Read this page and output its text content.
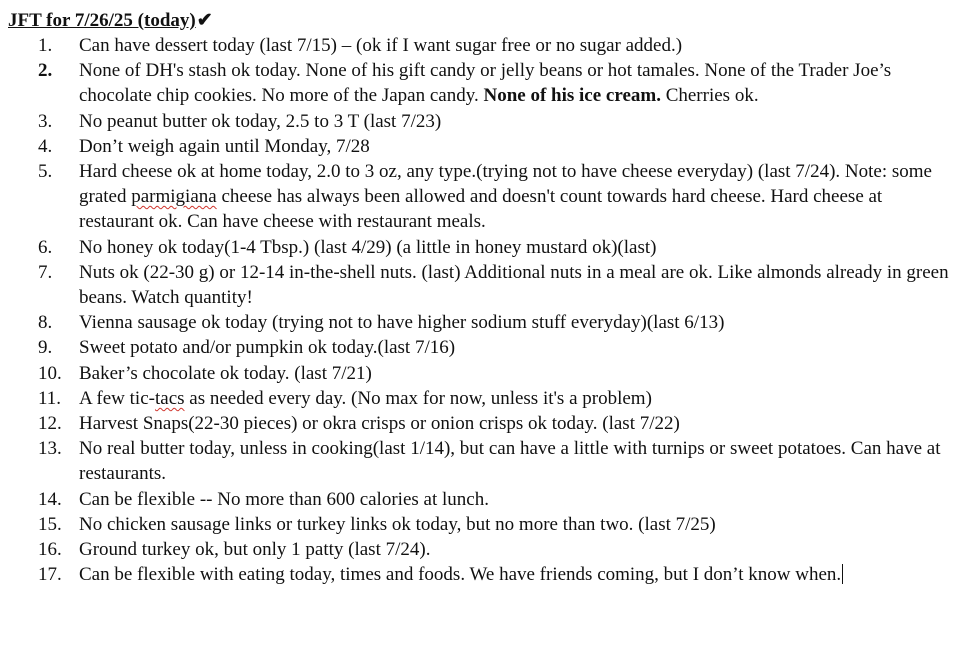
JFT for 7/26/25 (today)✔
1.	Can have dessert today (last 7/15) – (ok if I want sugar free or no sugar added.)
2.	None of DH's stash ok today. None of his gift candy or jelly beans or hot tamales. None of the Trader Joe’s chocolate chip cookies. No more of the Japan candy. None of his ice cream. Cherries ok.
3.	No peanut butter ok today, 2.5 to 3 T (last 7/23)
4.	Don’t weigh again until Monday, 7/28
5.	Hard cheese ok at home today, 2.0 to 3 oz, any type.(trying not to have cheese everyday) (last 7/24). Note: some grated parmigiana cheese has always been allowed and doesn't count towards hard cheese. Hard cheese at restaurant ok. Can have cheese with restaurant meals.
6.	No honey ok today(1-4 Tbsp.) (last 4/29) (a little in honey mustard ok)(last)
7.	Nuts ok (22-30 g) or 12-14 in-the-shell nuts. (last) Additional nuts in a meal are ok. Like almonds already in green beans. Watch quantity!
8.	Vienna sausage ok today (trying not to have higher sodium stuff everyday)(last 6/13)
9.	Sweet potato and/or pumpkin ok today.(last 7/16)
10. Baker’s chocolate ok today. (last 7/21)
11. A few tic-tacs as needed every day. (No max for now, unless it's a problem)
12. Harvest Snaps(22-30 pieces) or okra crisps or onion crisps ok today. (last 7/22)
13. No real butter today, unless in cooking(last 1/14), but can have a little with turnips or sweet potatoes. Can have at restaurants.
14. Can be flexible -- No more than 600 calories at lunch.
15. No chicken sausage links or turkey links ok today, but no more than two. (last 7/25)
16. Ground turkey ok, but only 1 patty (last 7/24).
17. Can be flexible with eating today, times and foods. We have friends coming, but I don’t know when.
